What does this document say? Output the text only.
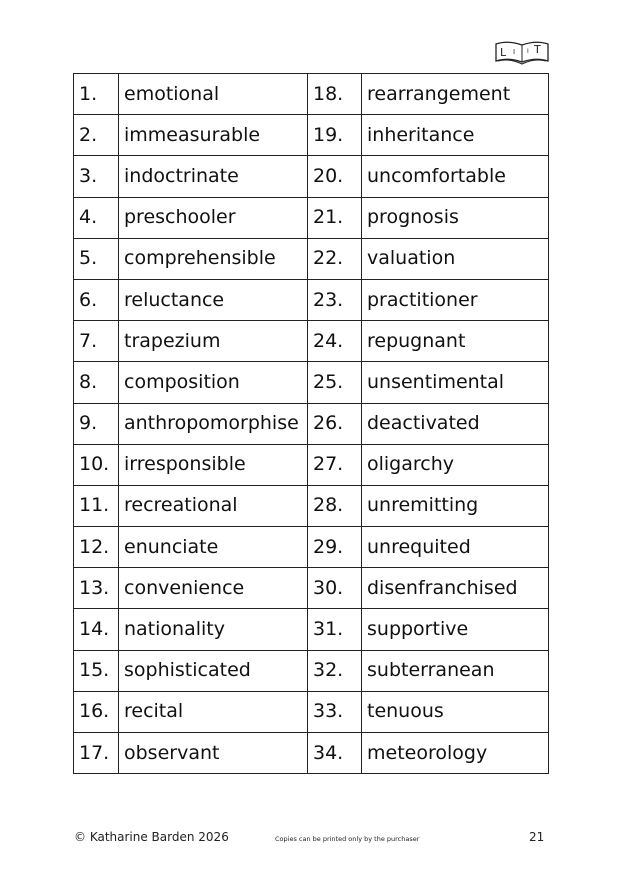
L I I T
1.	emotional	18.	rearrangement
2.	immeasurable	19.	inheritance
3.	indoctrinate	20.	uncomfortable
4.	preschooler	21.	prognosis
5.	comprehensible	22.	valuation
6.	reluctance	23.	practitioner
7.	trapezium	24.	repugnant
8.	composition	25.	unsentimental
9.	anthropomorphise	26.	deactivated
10.	irresponsible	27.	oligarchy
11.	recreational	28.	unremitting
12.	enunciate	29.	unrequited
13.	convenience	30.	disenfranchised
14.	nationality	31.	supportive
15.	sophisticated	32.	subterranean
16.	recital	33.	tenuous
17.	observant	34.	meteorology
© Katharine Barden 2026	Copies can be printed only by the purchaser	21
